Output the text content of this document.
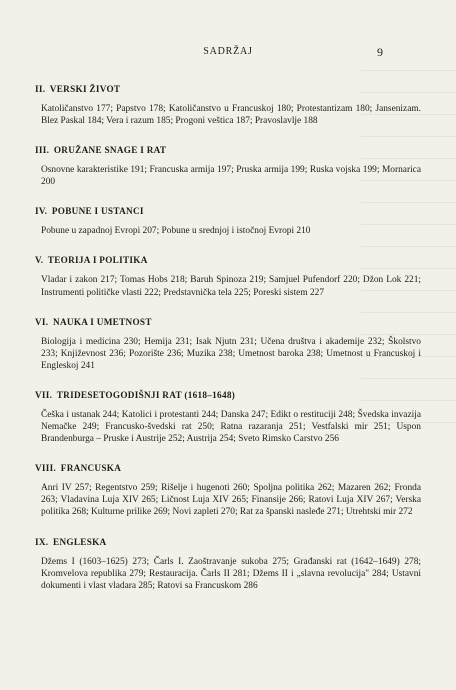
SADRŽAJ	9
II. VERSKI ŽIVOT
Katoličanstvo 177; Papstvo 178; Katoličanstvo u Francuskoj 180; Protestantizam 180; Jansenizam. Blez Paskal 184; Vera i razum 185; Progoni veštica 187; Pravoslavlje 188
III. ORUŽANE SNAGE I RAT
Osnovne karakteristike 191; Francuska armija 197; Pruska armija 199; Ruska vojska 199; Mornarica 200
IV. POBUNE I USTANCI
Pobune u zapadnoj Evropi 207; Pobune u srednjoj i istočnoj Evropi 210
V. TEORIJA I POLITIKA
Vladar i zakon 217; Tomas Hobs 218; Baruh Spinoza 219; Samjuel Pufendorf 220; Džon Lok 221; Instrumenti političke vlasti 222; Predstavnička tela 225; Poreski sistem 227
VI. NAUKA I UMETNOST
Biologija i medicina 230; Hemija 231; Isak Njutn 231; Učena društva i akademije 232; Školstvo 233; Književnost 236; Pozorište 236; Muzika 238; Umetnost baroka 238; Umetnost u Francuskoj i Engleskoj 241
VII. TRIDESETOGODIŠNJI RAT (1618–1648)
Češka i ustanak 244; Katolici i protestanti 244; Danska 247; Edikt o restituciji 248; Švedska invazija Nemačke 249; Francusko-švedski rat 250; Ratna razaranja 251; Vestfalski mir 251; Uspon Brandenburga – Pruske i Austrije 252; Austrija 254; Sveto Rimsko Carstvo 256
VIII. FRANCUSKA
Anri IV 257; Regentstvo 259; Rišelje i hugenoti 260; Spoljna politika 262; Mazaren 262; Fronda 263; Vladavina Luja XIV 265; Ličnost Luja XIV 265; Finansije 266; Ratovi Luja XIV 267; Verska politika 268; Kulturne prilike 269; Novi zapleti 270; Rat za španski nasleđe 271; Utrehtski mir 272
IX. ENGLESKA
Džems I (1603–1625) 273; Čarls I. Zaoštravanje sukoba 275; Građanski rat (1642–1649) 278; Kromvelova republika 279; Restauracija. Čarls II 281; Džems II i „slavna revolucija" 284; Ustavni dokumenti i vlast vladara 285; Ratovi sa Francuskom 286
